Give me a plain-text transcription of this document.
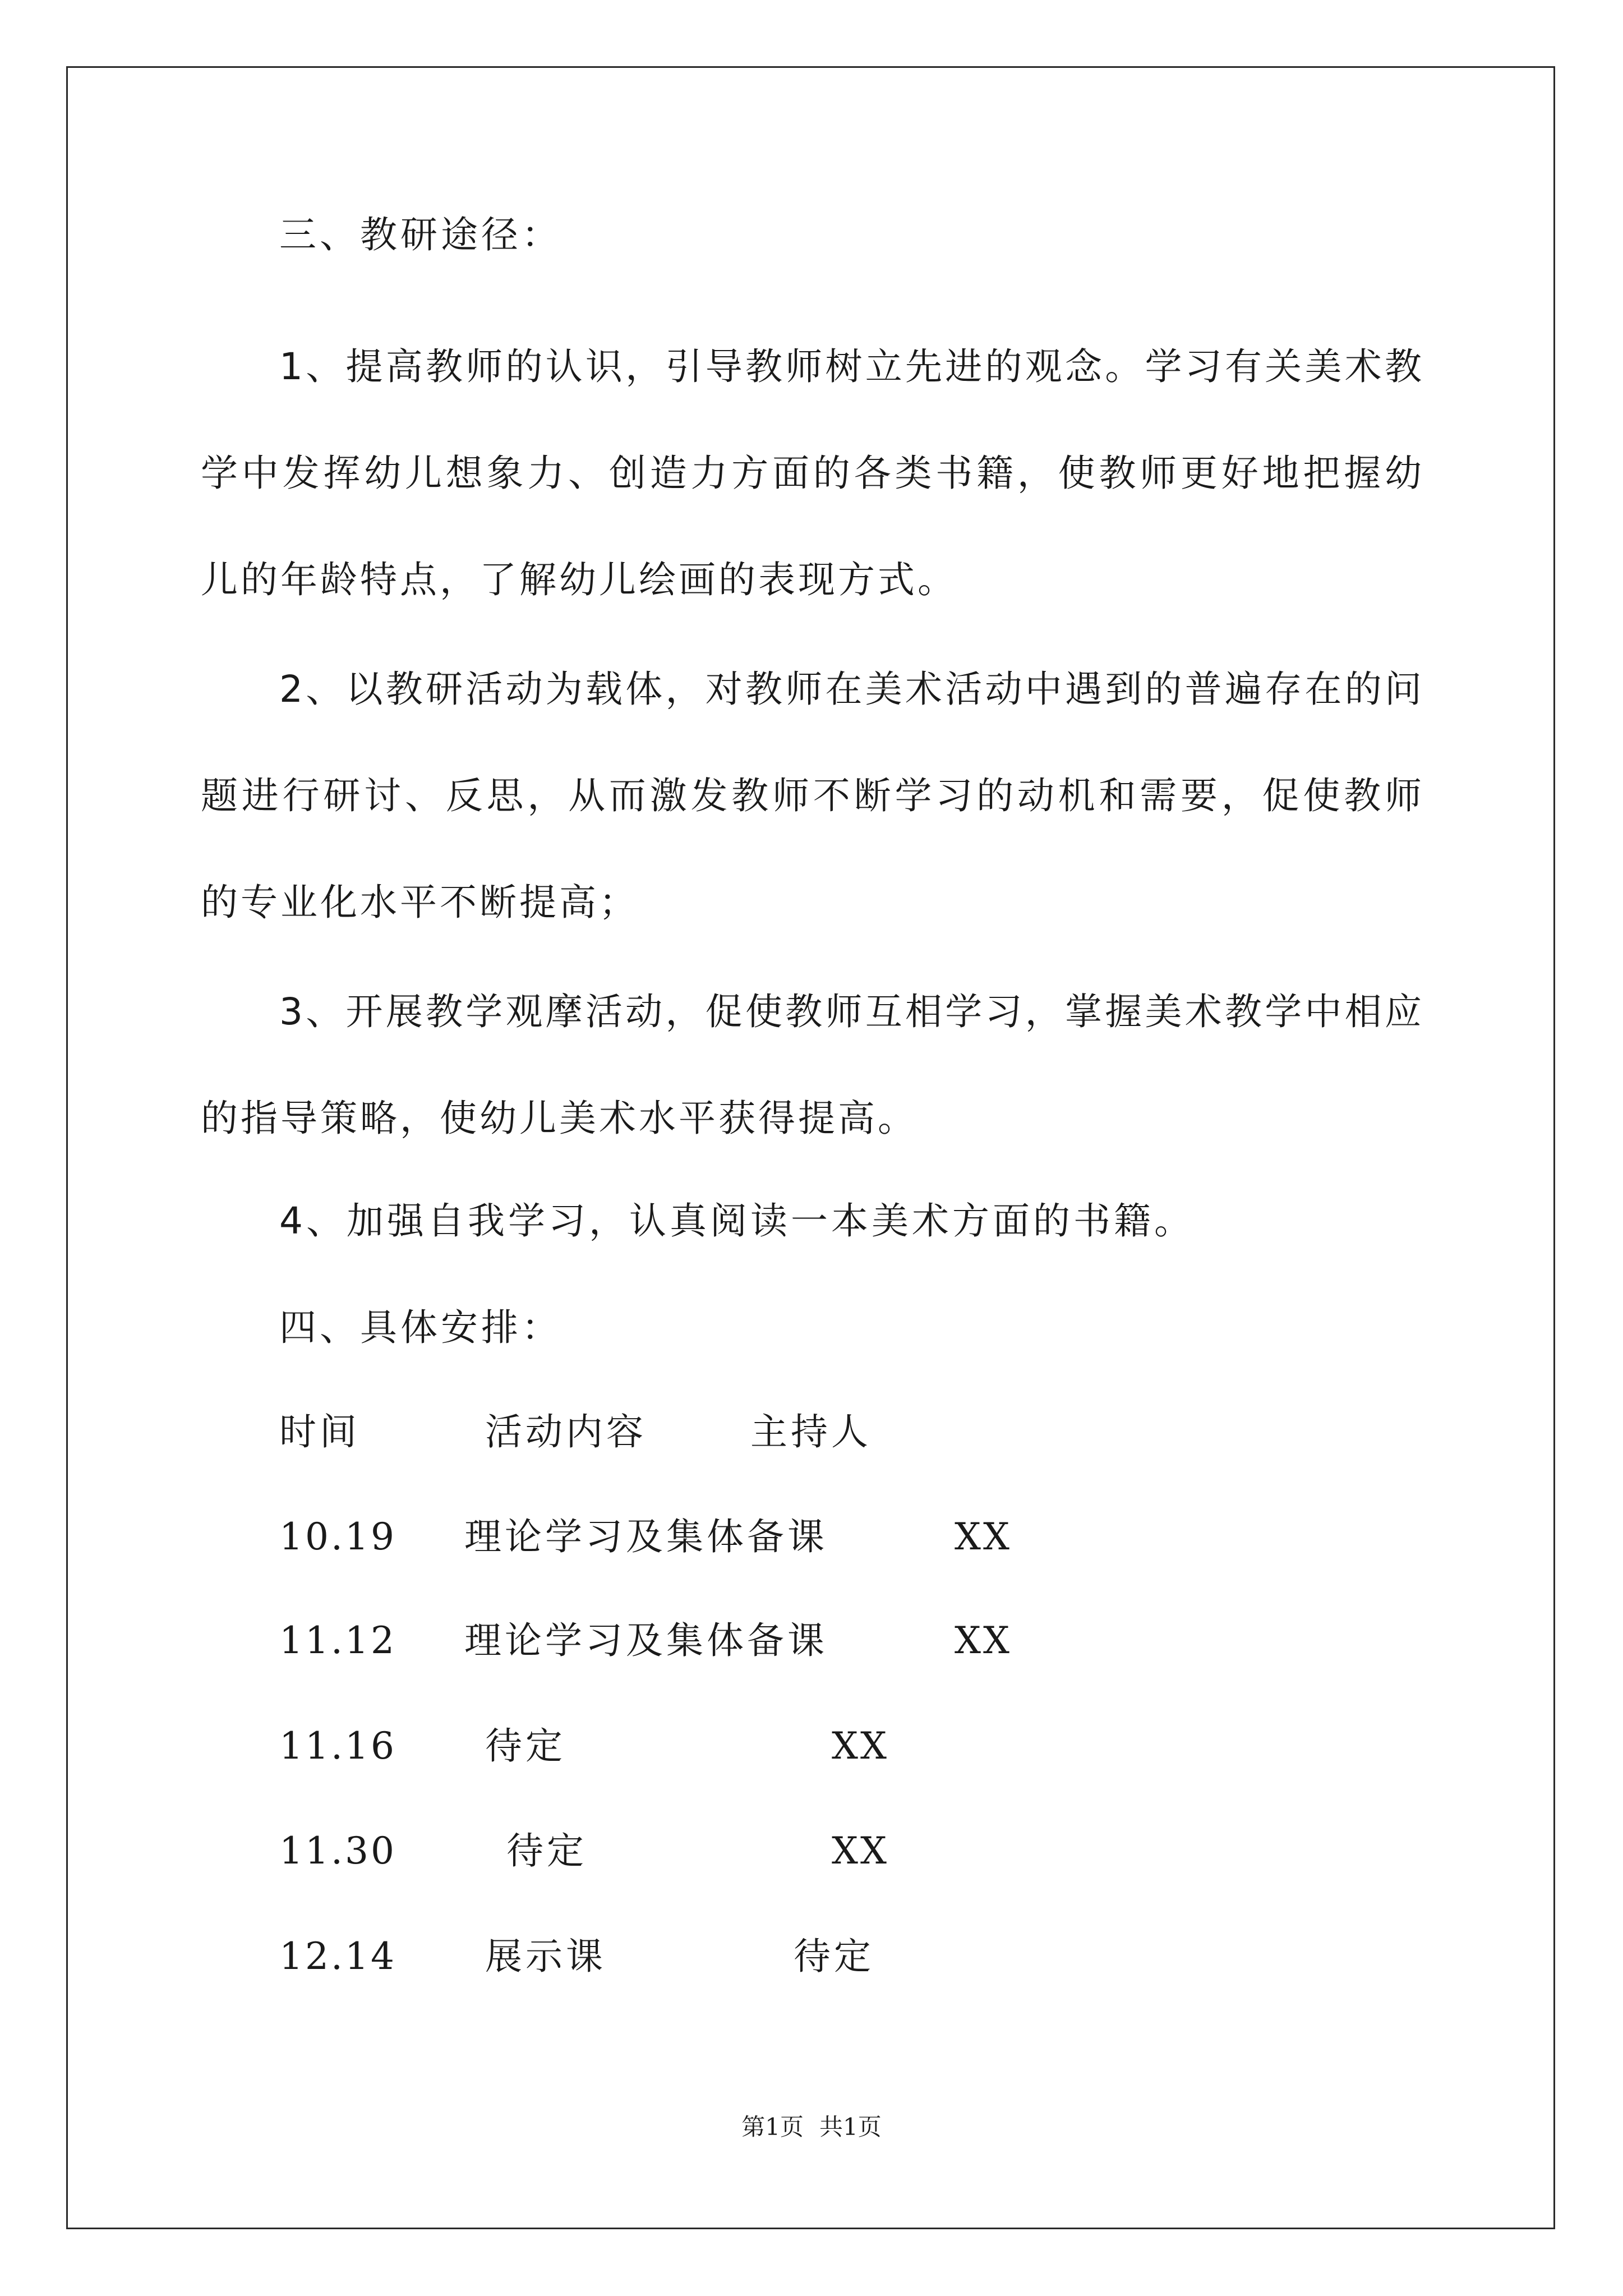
三、教研途径：
1、提高教师的认识，引导教师树立先进的观念。学习有关美术教学中发挥幼儿想象力、创造力方面的各类书籍，使教师更好地把握幼儿的年龄特点，了解幼儿绘画的表现方式。
2、以教研活动为载体，对教师在美术活动中遇到的普遍存在的问题进行研讨、反思，从而激发教师不断学习的动机和需要，促使教师的专业化水平不断提高；
3、开展教学观摩活动，促使教师互相学习，掌握美术教学中相应的指导策略，使幼儿美术水平获得提高。
4、加强自我学习，认真阅读一本美术方面的书籍。
四、具体安排：
时间	活动内容	主持人
10.19 理论学习及集体备课	XX
11.12 理论学习及集体备课	XX
11.16 待定	XX
11.30	待定	XX
12.14 展示课	待定
第1页 共1页
